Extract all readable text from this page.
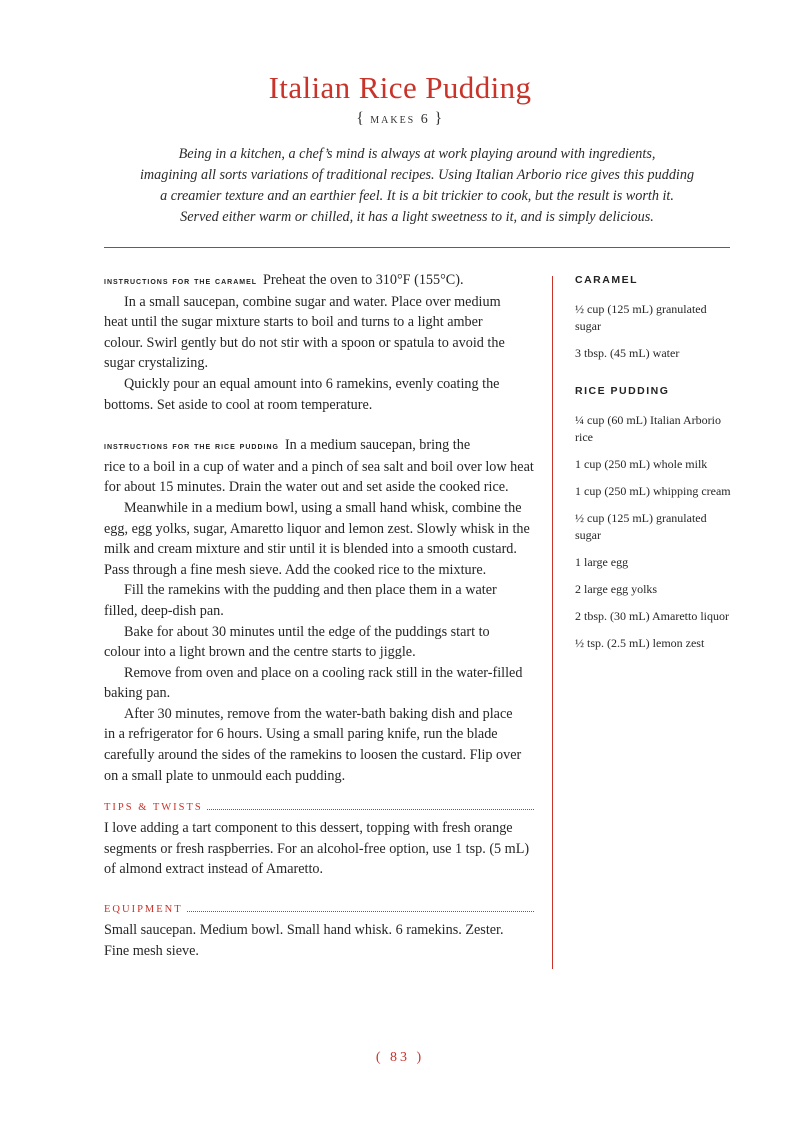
Italian Rice Pudding
{ makes 6 }
Being in a kitchen, a chef’s mind is always at work playing around with ingredients,
imagining all sorts variations of traditional recipes. Using Italian Arborio rice gives this pudding
a creamier texture and an earthier feel. It is a bit trickier to cook, but the result is worth it.
Served either warm or chilled, it has a light sweetness to it, and is simply delicious.

instructions for the caramel Preheat the oven to 310°F (155°C).

In a small saucepan, combine sugar and water. Place over medium

heat until the sugar mixture starts to boil and turns to a light amber

colour. Swirl gently but do not stir with a spoon or spatula to avoid the

sugar crystalizing.

Quickly pour an equal amount into 6 ramekins, evenly coating the

bottoms. Set aside to cool at room temperature.

instructions for the rice pudding In a medium saucepan, bring the

rice to a boil in a cup of water and a pinch of sea salt and boil over low heat

for about 15 minutes. Drain the water out and set aside the cooked rice.

Meanwhile in a medium bowl, using a small hand whisk, combine the

egg, egg yolks, sugar, Amaretto liquor and lemon zest. Slowly whisk in the

milk and cream mixture and stir until it is blended into a smooth custard.

Pass through a fine mesh sieve. Add the cooked rice to the mixture.

Fill the ramekins with the pudding and then place them in a water

filled, deep-dish pan.

Bake for about 30 minutes until the edge of the puddings start to

colour into a light brown and the centre starts to jiggle.

Remove from oven and place on a cooling rack still in the water-filled

baking pan.

After 30 minutes, remove from the water-bath baking dish and place

in a refrigerator for 6 hours. Using a small paring knife, run the blade

carefully around the sides of the ramekins to loosen the custard. Flip over

on a small plate to unmould each pudding.

TIPS & TWISTS

I love adding a tart component to this dessert, topping with fresh orange

segments or fresh raspberries. For an alcohol-free option, use 1 tsp. (5 mL)

of almond extract instead of Amaretto.

EQUIPMENT

Small saucepan. Medium bowl. Small hand whisk. 6 ramekins. Zester.

Fine mesh sieve.

CARAMEL
½ cup (125 mL) granulated sugar
3 tbsp. (45 mL) water
RICE PUDDING
¼ cup (60 mL) Italian Arborio rice
1 cup (250 mL) whole milk
1 cup (250 mL) whipping cream
½ cup (125 mL) granulated sugar
1 large egg
2 large egg yolks
2 tbsp. (30 mL) Amaretto liquor
½ tsp. (2.5 mL) lemon zest
( 83 )
